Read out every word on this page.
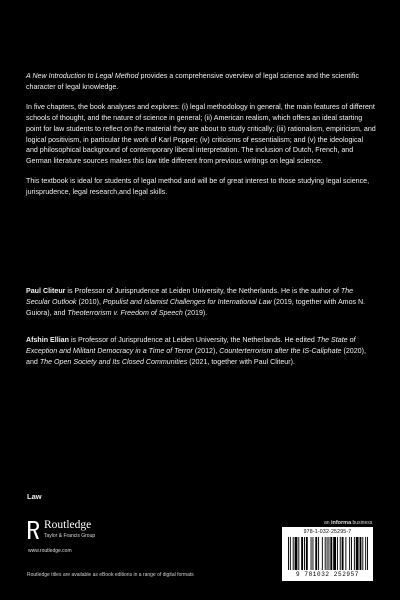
A New Introduction to Legal Method provides a comprehensive overview of legal science and the scientific character of legal knowledge.

In five chapters, the book analyses and explores: (i) legal methodology in general, the main features of different schools of thought, and the nature of science in general; (ii) American realism, which offers an ideal starting point for law students to reflect on the material they are about to study critically; (iii) rationalism, empiricism, and logical positivism, in particular the work of Karl Popper; (iv) criticisms of essentialism; and (v) the ideological and philosophical background of contemporary liberal interpretation. The inclusion of Dutch, French, and German literature sources makes this law title different from previous writings on legal science.

This textbook is ideal for students of legal method and will be of great interest to those studying legal science, jurisprudence, legal research,and legal skills.

Paul Cliteur is Professor of Jurisprudence at Leiden University, the Netherlands. He is the author of The Secular Outlook (2010), Populist and Islamist Challenges for International Law (2019, together with Amos N. Guiora), and Theoterrorism v. Freedom of Speech (2019).

Afshin Ellian is Professor of Jurisprudence at Leiden University, the Netherlands. He edited The State of Exception and Militant Democracy in a Time of Terror (2012), Counterterrorism after the IS-Caliphate (2020), and The Open Society and Its Closed Communities (2021, together with Paul Cliteur).

Law
Routledge
Taylor & Francis Group
www.routledge.com
Routledge titles are available as eBook editions in a range of digital formats
an informa business
978-1-032-25295-7
9 781032 252957
